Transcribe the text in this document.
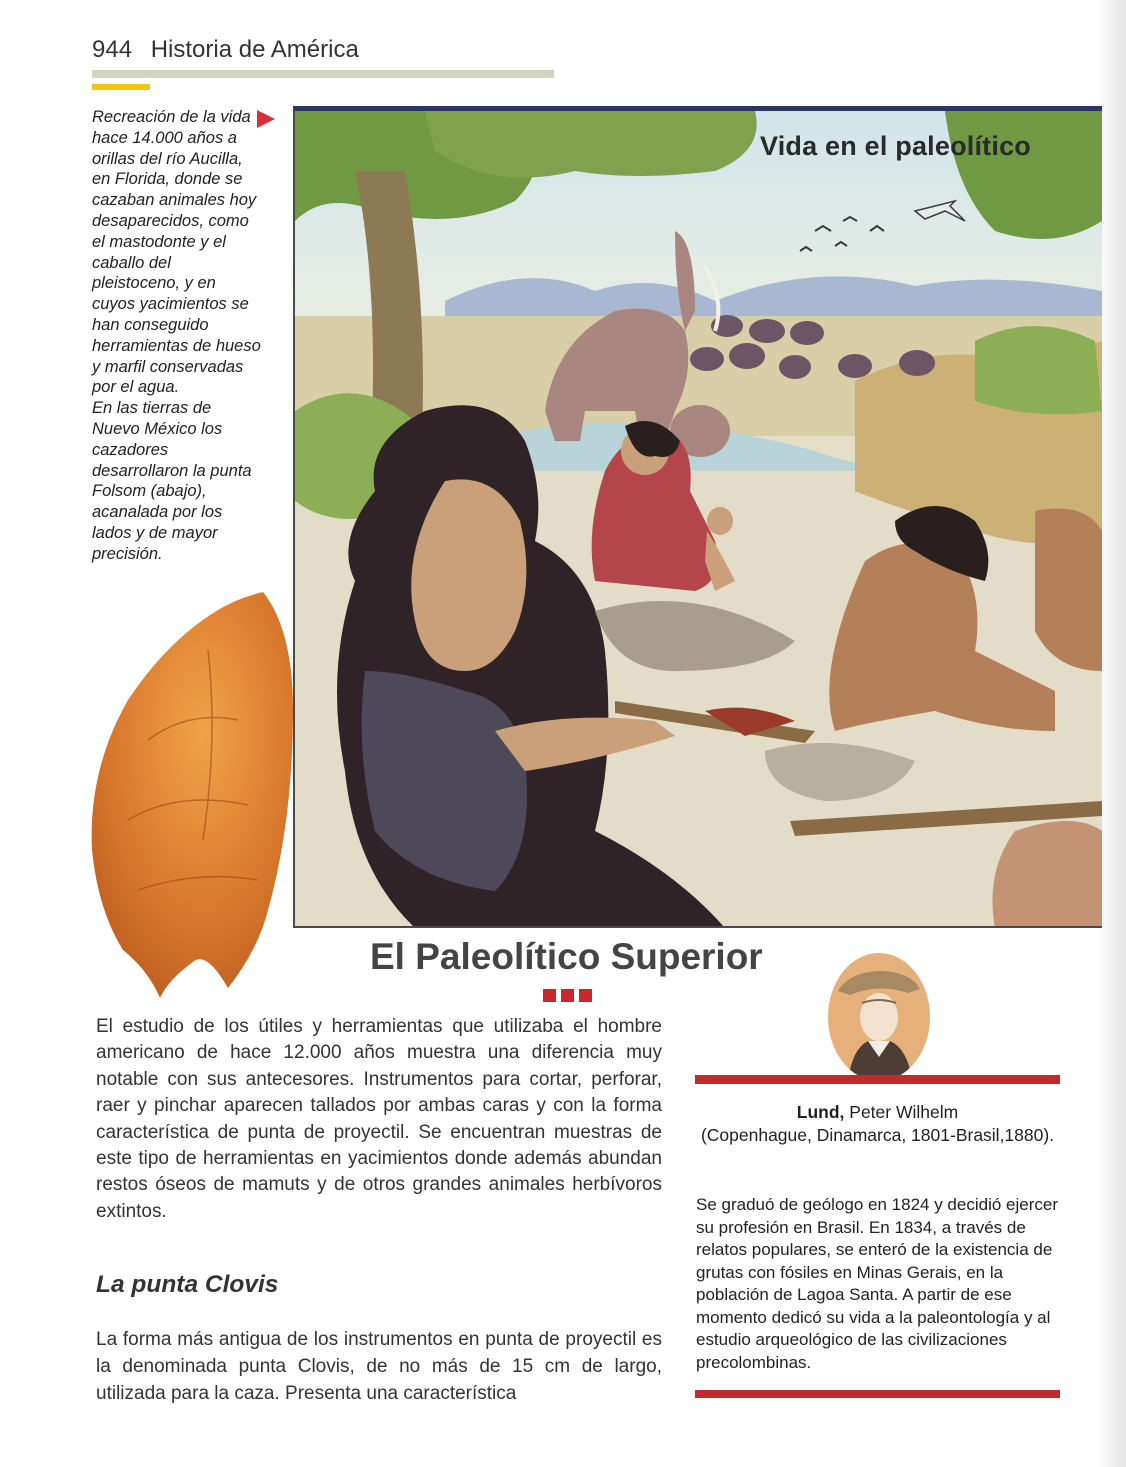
944 Historia de América

Recreación de la vida hace 14.000 años a orillas del río Aucilla, en Florida, donde se cazaban animales hoy desaparecidos, como el mastodonte y el caballo del pleistoceno, y en cuyos yacimientos se han conseguido herramientas de hueso y marfil conservadas por el agua.

En las tierras de Nuevo México los cazadores desarrollaron la punta Folsom (abajo), acanalada por los lados y de mayor precisión.

Vida en el paleolítico
El Paleolítico Superior

El estudio de los útiles y herramientas que utilizaba el hombre americano de hace 12.000 años muestra una diferencia muy notable con sus antecesores. Instrumentos para cortar, perforar, raer y pinchar aparecen tallados por ambas caras y con la forma característica de punta de proyectil. Se encuentran muestras de este tipo de herramientas en yacimientos donde además abundan restos óseos de mamuts y de otros grandes animales herbívoros extintos.

La punta Clovis

La forma más antigua de los instrumentos en punta de proyectil es la denominada punta Clovis, de no más de 15 cm de largo, utilizada para la caza. Presenta una característica

Lund, Peter Wilhelm
(Copenhague, Dinamarca, 1801-Brasil,1880).

Se graduó de geólogo en 1824 y decidió ejercer su profesión en Brasil. En 1834, a través de relatos populares, se enteró de la existencia de grutas con fósiles en Minas Gerais, en la población de Lagoa Santa. A partir de ese momento dedicó su vida a la paleontología y al estudio arqueológico de las civilizaciones precolombinas.
